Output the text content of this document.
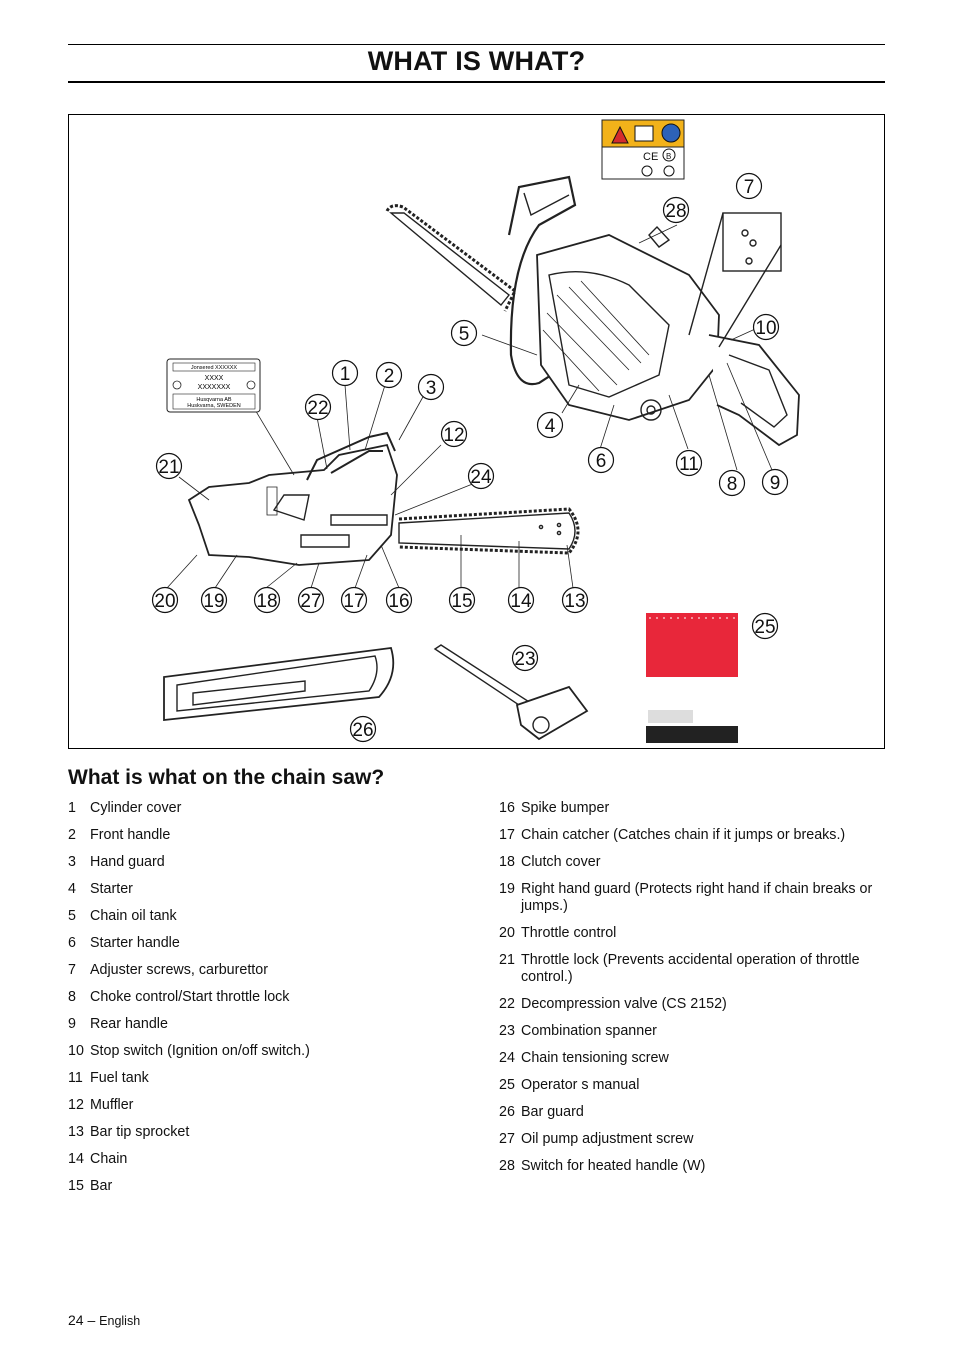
WHAT IS WHAT?
CE B
Jonsered XXXXXX
XXXX
XXXXXXX
Husqvarna AB
Huskvarna, SWEDEN
1 2
3
4
5
6
7
8 9
10
11
12
13
14
15
16
17
18
19
20
21
22
23
24
25
26
27
28
What is what on the chain saw?
1 Cylinder cover
2 Front handle
3 Hand guard
4 Starter
5 Chain oil tank
6 Starter handle
7 Adjuster screws, carburettor
8 Choke control/Start throttle lock
9 Rear handle
10 Stop switch (Ignition on/off switch.)
11 Fuel tank
12 Muffler
13 Bar tip sprocket
14 Chain
15 Bar
16 Spike bumper
17 Chain catcher (Catches chain if it jumps or breaks.)
18 Clutch cover
19 Right hand guard (Protects right hand if chain breaks or jumps.)
20 Throttle control
21 Throttle lock (Prevents accidental operation of throttle control.)
22 Decompression valve (CS 2152)
23 Combination spanner
24 Chain tensioning screw
25 Operator s manual
26 Bar guard
27 Oil pump adjustment screw
28 Switch for heated handle (W)
24 – English
